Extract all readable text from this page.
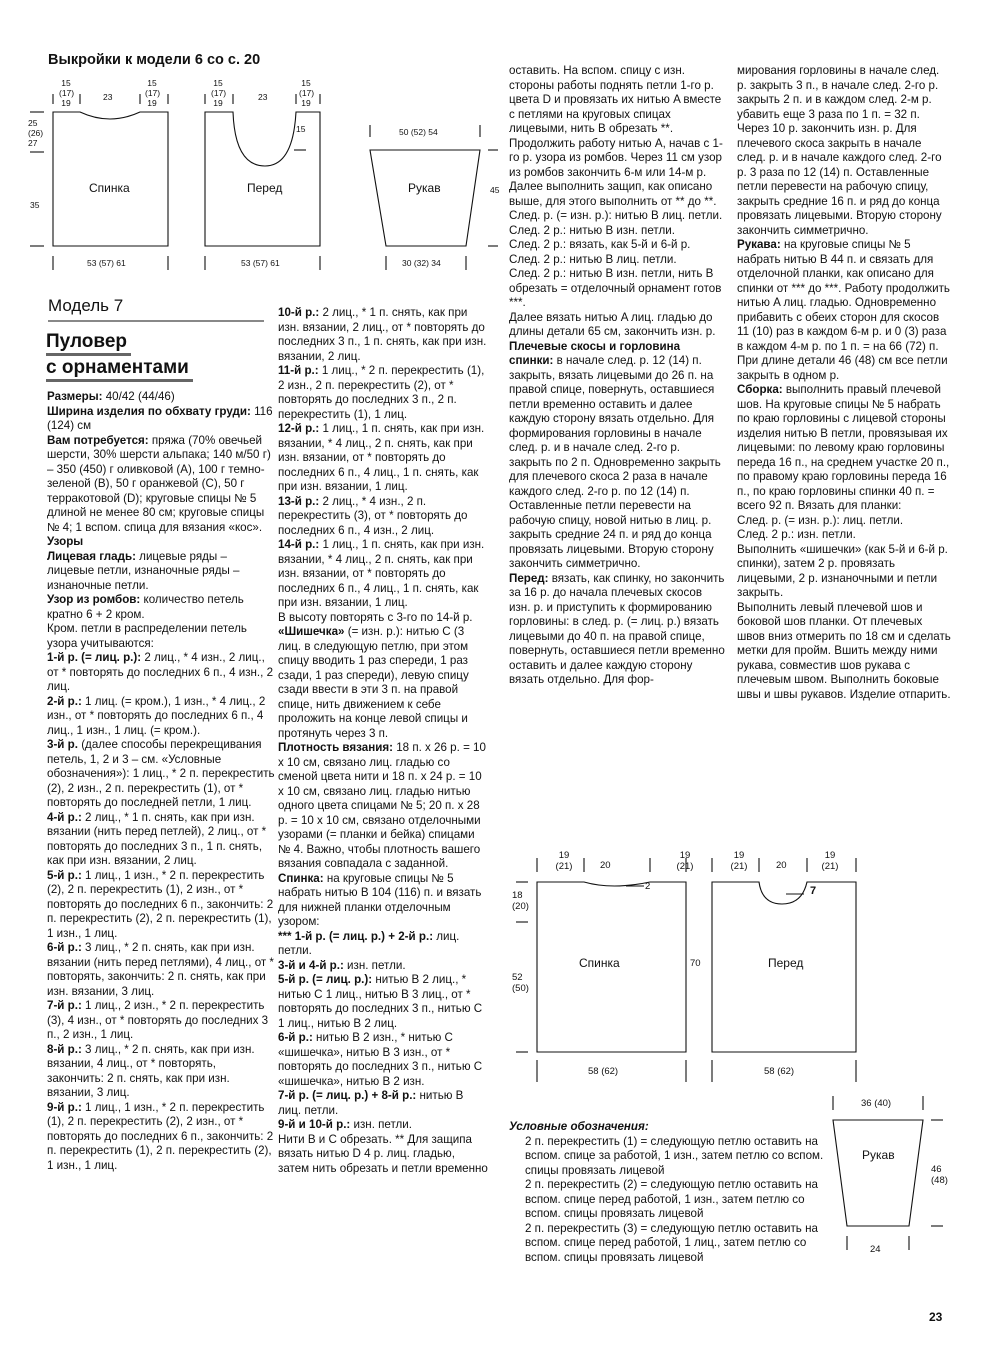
Выкройки к модели 6 со с. 20
15
(17)
19
23
15
(17)
19
15
(17)
19
23
15
(17)
19
15
25
(26)
27
35
Спинка	Перед	Рукав
50 (52) 54
45
53 (57) 61	53 (57) 61	30 (32) 34
Модель 7
Пуловер
с орнаментами

Размеры: 40/42 (44/46)

Ширина изделия по обхвату груди: 116 (124) см

Вам потребуется: пряжа (70% овечьей шерсти, 30% шерсти альпака; 140 м/50 г) – 350 (450) г оливковой (A), 100 г темно-зеленой (B), 50 г оранжевой (C), 50 г терракотовой (D); круговые спицы № 5 длиной не менее 80 см; круговые спицы № 4; 1 вспом. спица для вязания «кос».

Узоры

Лицевая гладь: лицевые ряды – лицевые петли, изнаночные ряды – изнаночные петли.

Узор из ромбов: количество петель кратно 6 + 2 кром.

Кром. петли в распределении петель узора учитываются:

1-й р. (= лиц. р.): 2 лиц., * 4 изн., 2 лиц., от * повторять до последних 6 п., 4 изн., 2 лиц.

2-й р.: 1 лиц. (= кром.), 1 изн., * 4 лиц., 2 изн., от * повторять до последних 6 п., 4 лиц., 1 изн., 1 лиц. (= кром.).

3-й р. (далее способы перекрещивания петель, 1, 2 и 3 – см. «Условные обозначения»): 1 лиц., * 2 п. перекрестить (2), 2 изн., 2 п. перекрестить (1), от * повторять до последней петли, 1 лиц.

4-й р.: 2 лиц., * 1 п. снять, как при изн. вязании (нить перед петлей), 2 лиц., от * повторять до последних 3 п., 1 п. снять, как при изн. вязании, 2 лиц.

5-й р.: 1 лиц., 1 изн., * 2 п. перекрестить (2), 2 п. перекрестить (1), 2 изн., от * повторять до последних 6 п., закончить: 2 п. перекрестить (2), 2 п. перекрестить (1), 1 изн., 1 лиц.

6-й р.: 3 лиц., * 2 п. снять, как при изн. вязании (нить перед петлями), 4 лиц., от * повторять, закончить: 2 п. снять, как при изн. вязании, 3 лиц.

7-й р.: 1 лиц., 2 изн., * 2 п. перекрестить (3), 4 изн., от * повторять до последних 3 п., 2 изн., 1 лиц.

8-й р.: 3 лиц., * 2 п. снять, как при изн. вязании, 4 лиц., от * повторять, закончить: 2 п. снять, как при изн. вязании, 3 лиц.

9-й р.: 1 лиц., 1 изн., * 2 п. перекрестить (1), 2 п. перекрестить (2), 2 изн., от * повторять до последних 6 п., закончить: 2 п. перекрестить (1), 2 п. перекрестить (2), 1 изн., 1 лиц.

10-й р.: 2 лиц., * 1 п. снять, как при изн. вязании, 2 лиц., от * повторять до последних 3 п., 1 п. снять, как при изн. вязании, 2 лиц.

11-й р.: 1 лиц., * 2 п. перекрестить (1), 2 изн., 2 п. перекрестить (2), от * повторять до последних 3 п., 2 п. перекрестить (1), 1 лиц.

12-й р.: 1 лиц., 1 п. снять, как при изн. вязании, * 4 лиц., 2 п. снять, как при изн. вязании, от * повторять до последних 6 п., 4 лиц., 1 п. снять, как при изн. вязании, 1 лиц.

13-й р.: 2 лиц., * 4 изн., 2 п. перекрестить (3), от * повторять до последних 6 п., 4 изн., 2 лиц.

14-й р.: 1 лиц., 1 п. снять, как при изн. вязании, * 4 лиц., 2 п. снять, как при изн. вязании, от * повторять до последних 6 п., 4 лиц., 1 п. снять, как при изн. вязании, 1 лиц.

В высоту повторять с 3-го по 14-й р.

«Шишечка» (= изн. р.): нитью C (3 лиц. в следующую петлю, при этом спицу вводить 1 раз спереди, 1 раз сзади, 1 раз спереди), левую спицу сзади ввести в эти 3 п. на правой спице, нить движением к себе проложить на конце левой спицы и протянуть через 3 п.

Плотность вязания: 18 п. х 26 р. = 10 х 10 см, связано лиц. гладью со сменой цвета нити и 18 п. х 24 р. = 10 х 10 см, связано лиц. гладью нитью одного цвета спицами № 5; 20 п. х 28 р. = 10 х 10 см, связано отделочными узорами (= планки и бейка) спицами № 4. Важно, чтобы плотность вашего вязания совпадала с заданной.

Спинка: на круговые спицы № 5 набрать нитью B 104 (116) п. и вязать для нижней планки отделочным узором:

*** 1-й р. (= лиц. р.) + 2-й р.: лиц. петли.

3-й и 4-й р.: изн. петли.

5-й р. (= лиц. р.): нитью B 2 лиц., * нитью C 1 лиц., нитью B 3 лиц., от * повторять до последних 3 п., нитью C 1 лиц., нитью B 2 лиц.

6-й р.: нитью B 2 изн., * нитью C «шишечка», нитью B 3 изн., от * повторять до последних 3 п., нитью C «шишечка», нитью B 2 изн.

7-й р. (= лиц. р.) + 8-й р.: нитью B лиц. петли.

9-й и 10-й р.: изн. петли.

Нити B и C обрезать. ** Для защипа вязать нитью D 4 р. лиц. гладью, затем нить обрезать и петли временно

оставить. На вспом. спицу с изн. стороны работы поднять петли 1-го р. цвета D и провязать их нитью A вместе с петлями на круговых спицах лицевыми, нить B обрезать **. Продолжить работу нитью A, начав с 1-го р. узора из ромбов. Через 11 см узор из ромбов закончить 6-м или 14-м р. Далее выполнить защип, как описано выше, для этого выполнить от ** до **.

След. р. (= изн. р.): нитью B лиц. петли.

След. 2 р.: нитью B изн. петли.

След. 2 р.: вязать, как 5-й и 6-й р.

След. 2 р.: нитью B лиц. петли.

След. 2 р.: нитью B изн. петли, нить B обрезать = отделочный орнамент готов ***.

Далее вязать нитью A лиц. гладью до длины детали 65 см, закончить изн. р.

Плечевые скосы и горловина спинки: в начале след. р. 12 (14) п. закрыть, вязать лицевыми до 26 п. на правой спице, повернуть, оставшиеся петли временно оставить и далее каждую сторону вязать отдельно. Для формирования горловины в начале след. р. и в начале след. 2-го р. закрыть по 2 п. Одновременно закрыть для плечевого скоса 2 раза в начале каждого след. 2-го р. по 12 (14) п. Оставленные петли перевести на рабочую спицу, новой нитью в лиц. р. закрыть средние 24 п. и ряд до конца провязать лицевыми. Вторую сторону закончить симметрично.

Перед: вязать, как спинку, но закончить за 16 р. до начала плечевых скосов изн. р. и приступить к формированию горловины: в след. р. (= лиц. р.) вязать лицевыми до 40 п. на правой спице, повернуть, оставшиеся петли временно оставить и далее каждую сторону вязать отдельно. Для фор-

мирования горловины в начале след. р. закрыть 3 п., в начале след. 2-го р. закрыть 2 п. и в каждом след. 2-м р. убавить еще 3 раза по 1 п. = 32 п. Через 10 р. закончить изн. р. Для плечевого скоса закрыть в начале след. р. и в начале каждого след. 2-го р. 3 раза по 12 (14) п. Оставленные петли перевести на рабочую спицу, закрыть средние 16 п. и ряд до конца провязать лицевыми. Вторую сторону закончить симметрично.

Рукава: на круговые спицы № 5 набрать нитью B 44 п. и связать для отделочной планки, как описано для спинки от *** до ***. Работу продолжить нитью A лиц. гладью. Одновременно прибавить с обеих сторон для скосов 11 (10) раз в каждом 6-м р. и 0 (3) раза в каждом 4-м р. по 1 п. = на 66 (72) п. При длине детали 46 (48) см все петли закрыть в одном р.

Сборка: выполнить правый плечевой шов. На круговые спицы № 5 набрать по краю горловины с лицевой стороны изделия нитью B петли, провязывая их лицевыми: по левому краю горловины переда 16 п., на среднем участке 20 п., по правому краю горловины переда 16 п., по краю горловины спинки 40 п. = всего 92 п. Вязать для планки:

След. р. (= изн. р.): лиц. петли.

След. 2 р.: изн. петли.

Выполнить «шишечки» (как 5-й и 6-й р. спинки), затем 2 р. провязать лицевыми, 2 р. изнаночными и петли закрыть.

Выполнить левый плечевой шов и боковой шов планки. От плечевых швов вниз отмерить по 18 см и сделать метки для пройм. Вшить между ними рукава, совместив шов рукава с плечевым швом. Выполнить боковые швы и швы рукавов. Изделие отпарить.

19
(21)	20
19
(21)
2
18
(20)
52
(50)
Спинка
58 (62)
19
(21)	20
19
(21)
7
70	Перед
58 (62)
36 (40)
Рукав
46
(48)
24
Условные обозначения:

2 п. перекрестить (1) = следующую петлю оставить на вспом. спице за работой, 1 изн., затем петлю со вспом. спицы провязать лицевой

2 п. перекрестить (2) = следующую петлю оставить на вспом. спице перед работой, 1 изн., затем петлю со вспом. спицы провязать лицевой

2 п. перекрестить (3) = следующую петлю оставить на вспом. спице перед работой, 1 лиц., затем петлю со вспом. спицы провязать лицевой

23
